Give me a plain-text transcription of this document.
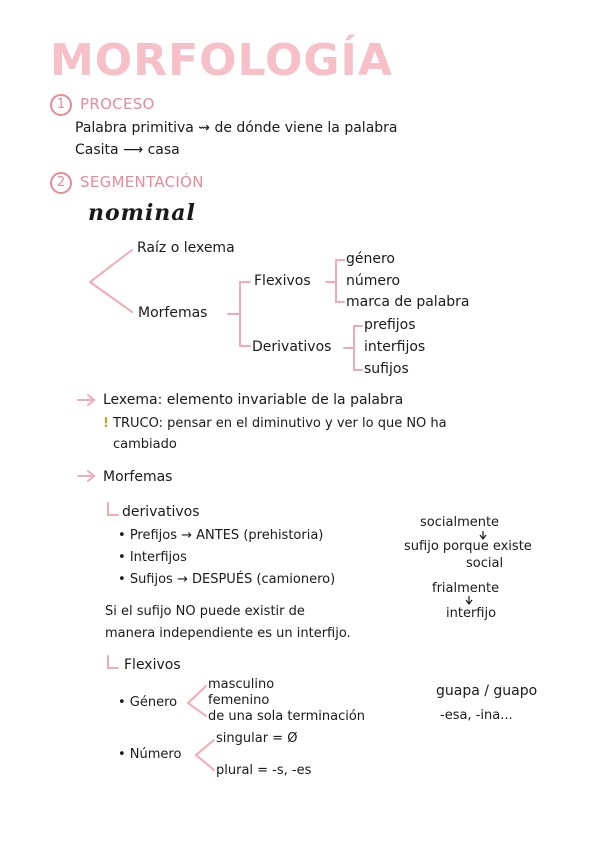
MORFOLOGÍA
1 PROCESO
Palabra primitiva ⇝ de dónde viene la palabra
Casita ⟶ casa
2 SEGMENTACIÓN
nominal
Raíz o lexema
Morfemas
Flexivos
género
número
marca de palabra
Derivativos
prefijos
interfijos
sufijos
Lexema: elemento invariable de la palabra
! TRUCO: pensar en el diminutivo y ver lo que NO ha
cambiado
Morfemas
derivativos
• Prefijos → ANTES (prehistoria)
• Interfijos
• Sufijos → DESPUÉS (camionero)
socialmente
sufijo porque existe
social
frialmente
interfijo
Si el sufijo NO puede existir de
manera independiente es un interfijo.
Flexivos
• Género
masculino
femenino
de una sola terminación
guapa / guapo
-esa, -ina...
• Número
singular = Ø
plural = -s, -es
